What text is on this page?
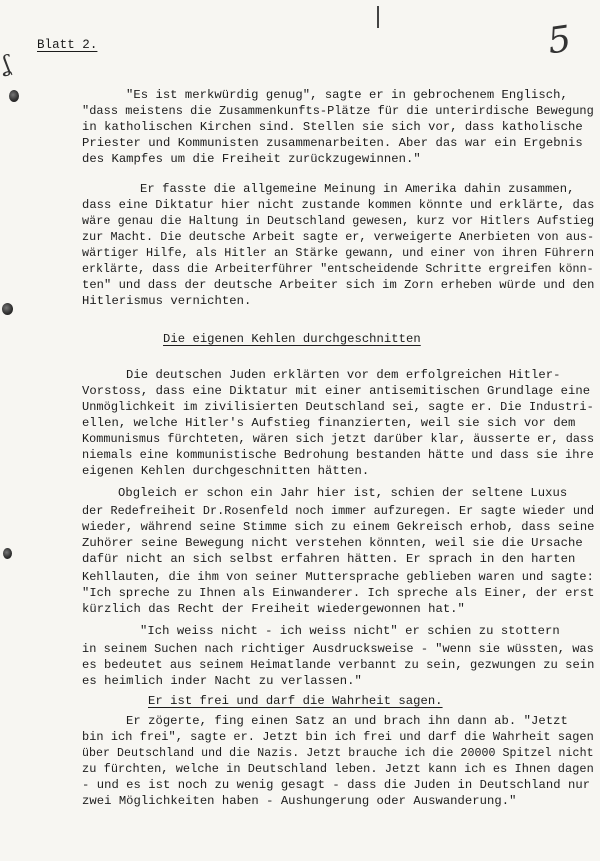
ʆ
Blatt 2.	5
"Es ist merkwürdig genug", sagte er in gebrochenem Englisch,
"dass meistens die Zusammenkunfts-Plätze für die unterirdische Bewegung
in katholischen Kirchen sind. Stellen sie sich vor, dass katholische
Priester und Kommunisten zusammenarbeiten. Aber das war ein Ergebnis
des Kampfes um die Freiheit zurückzugewinnen."
Er fasste die allgemeine Meinung in Amerika dahin zusammen,
dass eine Diktatur hier nicht zustande kommen könnte und erklärte, das
wäre genau die Haltung in Deutschland gewesen, kurz vor Hitlers Aufstieg
zur Macht. Die deutsche Arbeit sagte er, verweigerte Anerbieten von aus-
wärtiger Hilfe, als Hitler an Stärke gewann, und einer von ihren Führern
erklärte, dass die Arbeiterführer "entscheidende Schritte ergreifen könn-
ten" und dass der deutsche Arbeiter sich im Zorn erheben würde und den
Hitlerismus vernichten.
Die eigenen Kehlen durchgeschnitten
Die deutschen Juden erklärten vor dem erfolgreichen Hitler-
Vorstoss, dass eine Diktatur mit einer antisemitischen Grundlage eine
Unmöglichkeit im zivilisierten Deutschland sei, sagte er. Die Industri-
ellen, welche Hitler's Aufstieg finanzierten, weil sie sich vor dem
Kommunismus fürchteten, wären sich jetzt darüber klar, äusserte er, dass
niemals eine kommunistische Bedrohung bestanden hätte und dass sie ihre
eigenen Kehlen durchgeschnitten hätten.
Obgleich er schon ein Jahr hier ist, schien der seltene Luxus
der Redefreiheit Dr.Rosenfeld noch immer aufzuregen. Er sagte wieder und
wieder, während seine Stimme sich zu einem Gekreisch erhob, dass seine
Zuhörer seine Bewegung nicht verstehen könnten, weil sie die Ursache
dafür nicht an sich selbst erfahren hätten. Er sprach in den harten
Kehllauten, die ihm von seiner Muttersprache geblieben waren und sagte:
"Ich spreche zu Ihnen als Einwanderer. Ich spreche als Einer, der erst
kürzlich das Recht der Freiheit wiedergewonnen hat."
"Ich weiss nicht - ich weiss nicht" er schien zu stottern
in seinem Suchen nach richtiger Ausdrucksweise - "wenn sie wüssten, was
es bedeutet aus seinem Heimatlande verbannt zu sein, gezwungen zu sein
es heimlich inder Nacht zu verlassen."
Er ist frei und darf die Wahrheit sagen.
Er zögerte, fing einen Satz an und brach ihn dann ab. "Jetzt
bin ich frei", sagte er. Jetzt bin ich frei und darf die Wahrheit sagen
über Deutschland und die Nazis. Jetzt brauche ich die 20000 Spitzel nicht
zu fürchten, welche in Deutschland leben. Jetzt kann ich es Ihnen dagen
- und es ist noch zu wenig gesagt - dass die Juden in Deutschland nur
zwei Möglichkeiten haben - Aushungerung oder Auswanderung."
